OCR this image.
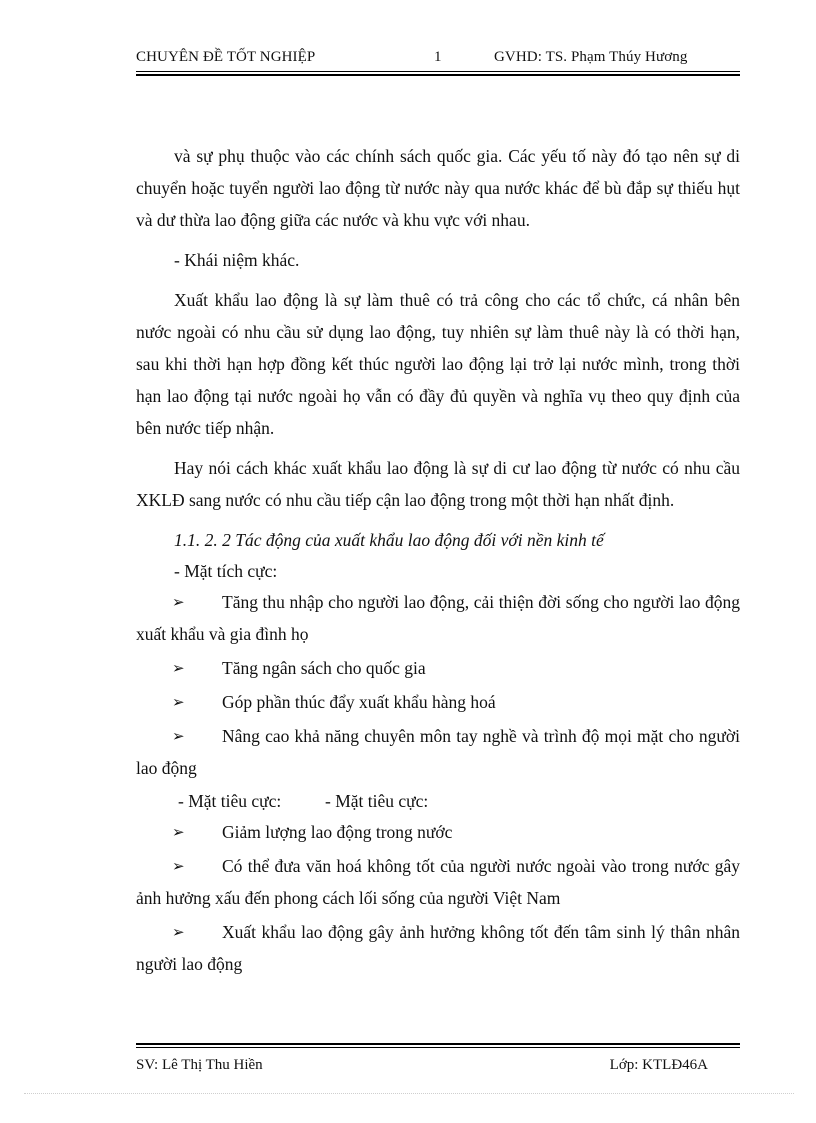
CHUYÊN ĐỀ TỐT NGHIỆP	1	GVHD: TS. Phạm Thúy Hương

và sự phụ thuộc vào các chính sách quốc gia. Các yếu tố này đó tạo nên sự di chuyển hoặc tuyển người lao động từ nước này qua nước khác để bù đắp sự thiếu hụt và dư thừa lao động giữa các nước và khu vực với nhau.

- Khái niệm khác.

Xuất khẩu lao động là sự làm thuê có trả công cho các tổ chức, cá nhân bên nước ngoài có nhu cầu sử dụng lao động, tuy nhiên sự làm thuê này là có thời hạn, sau khi thời hạn hợp đồng kết thúc người lao động lại trở lại nước mình, trong thời hạn lao động tại nước ngoài họ vẫn có đầy đủ quyền và nghĩa vụ theo quy định của bên nước tiếp nhận.

Hay nói cách khác xuất khẩu lao động là sự di cư lao động từ nước có nhu cầu XKLĐ sang nước có nhu cầu tiếp cận lao động trong một thời hạn nhất định.

1.1. 2. 2 Tác động của xuất khẩu lao động đối với nền kinh tế

- Mặt tích cực:

➢ Tăng thu nhập cho người lao động, cải thiện đời sống cho người lao động xuất khẩu và gia đình họ

➢ Tăng ngân sách cho quốc gia

➢ Góp phần thúc đẩy xuất khẩu hàng hoá

➢ Nâng cao khả năng chuyên môn tay nghề và trình độ mọi mặt cho người lao động

- Mặt tiêu cực:	- Mặt tiêu cực:

➢ Giảm lượng lao động trong nước

➢ Có thể đưa văn hoá không tốt của người nước ngoài vào trong nước gây ảnh hưởng xấu đến phong cách lối sống của người Việt Nam

➢ Xuất khẩu lao động gây ảnh hưởng không tốt đến tâm sinh lý thân nhân người lao động

SV: Lê Thị Thu Hiền	Lớp: KTLĐ46A
